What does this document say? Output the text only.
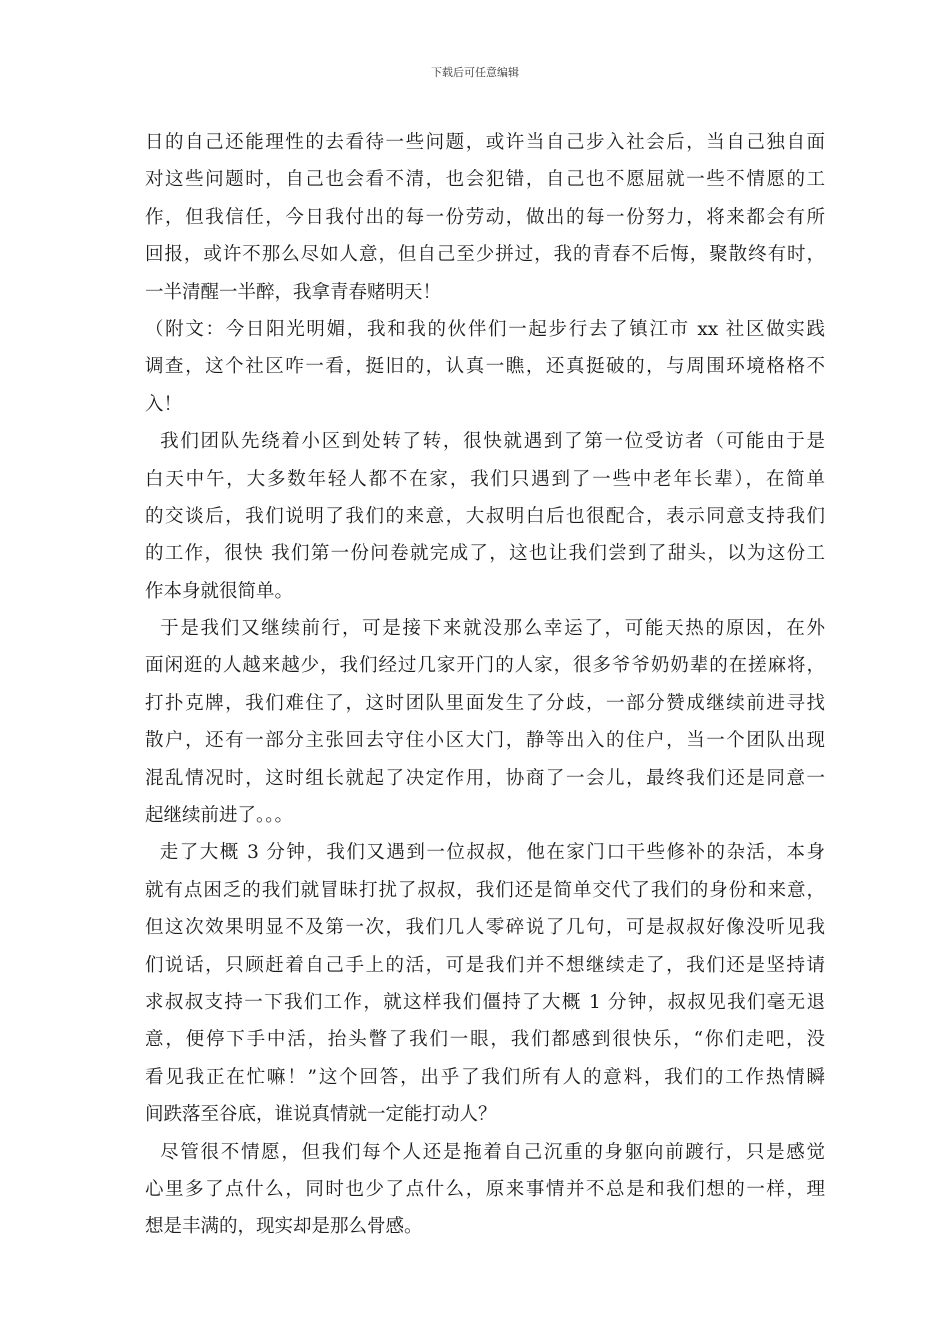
下载后可任意编辑
日的自己还能理性的去看待一些问题，或许当自己步入社会后，当自己独自面
对这些问题时，自己也会看不清，也会犯错，自己也不愿屈就一些不情愿的工
作，但我信任，今日我付出的每一份劳动，做出的每一份努力，将来都会有所
回报，或许不那么尽如人意，但自己至少拼过，我的青春不后悔，聚散终有时，
一半清醒一半醉，我拿青春赌明天！
（附文：今日阳光明媚，我和我的伙伴们一起步行去了镇江市 xx 社区做实践
调查，这个社区咋一看，挺旧的，认真一瞧，还真挺破的，与周围环境格格不
入！
我们团队先绕着小区到处转了转，很快就遇到了第一位受访者（可能由于是
白天中午，大多数年轻人都不在家，我们只遇到了一些中老年长辈），在简单
的交谈后，我们说明了我们的来意，大叔明白后也很配合，表示同意支持我们
的工作，很快 我们第一份问卷就完成了，这也让我们尝到了甜头，以为这份工
作本身就很简单。
于是我们又继续前行，可是接下来就没那么幸运了，可能天热的原因，在外
面闲逛的人越来越少，我们经过几家开门的人家，很多爷爷奶奶辈的在搓麻将，
打扑克牌，我们难住了，这时团队里面发生了分歧，一部分赞成继续前进寻找
散户，还有一部分主张回去守住小区大门，静等出入的住户，当一个团队出现
混乱情况时，这时组长就起了决定作用，协商了一会儿，最终我们还是同意一
起继续前进了。。。
走了大概 3 分钟，我们又遇到一位叔叔，他在家门口干些修补的杂活，本身
就有点困乏的我们就冒昧打扰了叔叔，我们还是简单交代了我们的身份和来意，
但这次效果明显不及第一次，我们几人零碎说了几句，可是叔叔好像没听见我
们说话，只顾赶着自己手上的活，可是我们并不想继续走了，我们还是坚持请
求叔叔支持一下我们工作，就这样我们僵持了大概 1 分钟，叔叔见我们毫无退
意，便停下手中活，抬头瞥了我们一眼，我们都感到很快乐，“你们走吧，没
看见我正在忙嘛！”这个回答，出乎了我们所有人的意料，我们的工作热情瞬
间跌落至谷底，谁说真情就一定能打动人？
尽管很不情愿，但我们每个人还是拖着自己沉重的身躯向前踱行，只是感觉
心里多了点什么，同时也少了点什么，原来事情并不总是和我们想的一样，理
想是丰满的，现实却是那么骨感。
